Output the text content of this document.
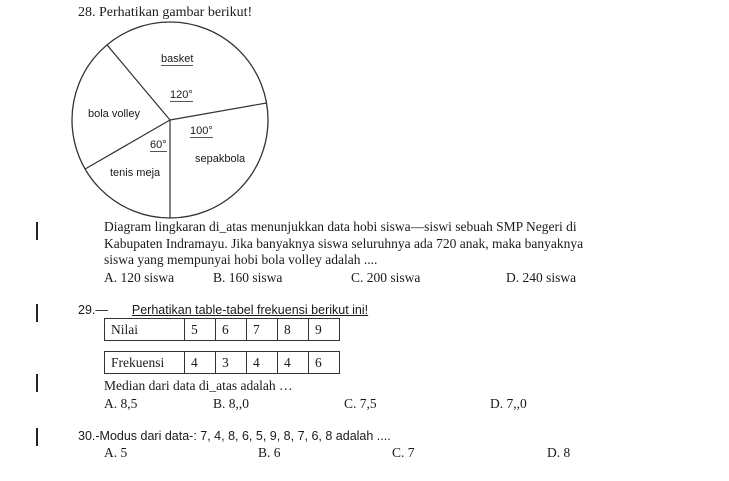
28. Perhatikan gambar berikut!
basket
120°
bola volley
100°
60°
sepakbola
tenis meja
Diagram lingkaran di_atas menunjukkan data hobi siswa—siswi sebuah SMP Negeri di
Kabupaten Indramayu. Jika banyaknya siswa seluruhnya ada 720 anak, maka banyaknya
siswa yang mempunyai hobi bola volley adalah ....
A. 120 siswa	B. 160 siswa	C. 200 siswa	D. 240 siswa
29.— Perhatikan table-tabel frekuensi berikut ini!
Nilai	5	6	7	8	9

Frekuensi	4	3	4	4	6
Median dari data di_atas adalah …
A. 8,5	B. 8,,0	C. 7,5	D. 7,,0
30.-Modus dari data-: 7, 4, 8, 6, 5, 9, 8, 7, 6, 8 adalah ....
A. 5	B. 6	C. 7	D. 8
